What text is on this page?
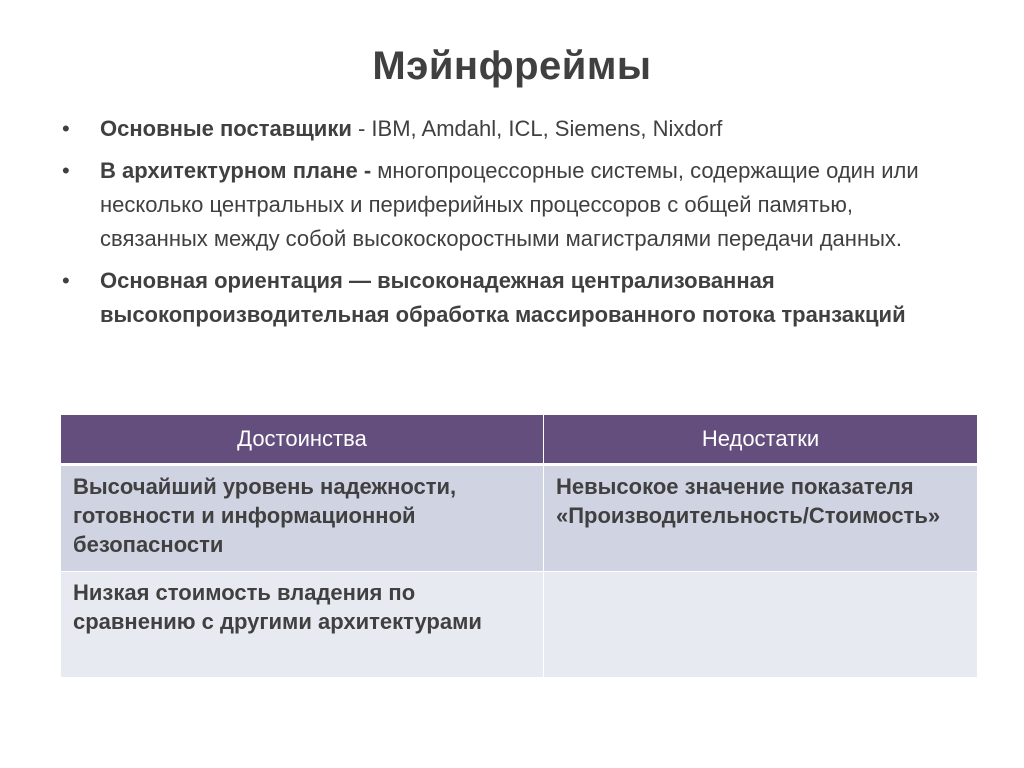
Мэйнфреймы
• Основные поставщики - IBM, Amdahl, ICL, Siemens, Nixdorf
• В архитектурном плане - многопроцессорные системы, содержащие один или несколько центральных и периферийных процессоров с общей памятью, связанных между собой высокоскоростными магистралями передачи данных.
• Основная ориентация — высоконадежная централизованная высокопроизводительная обработка массированного потока транзакций
Достоинства	Недостатки
Высочайший уровень надежности, готовности и информационной безопасности	Невысокое значение показателя «Производительность/Стоимость»
Низкая стоимость владения по сравнению с другими архитектурами	
